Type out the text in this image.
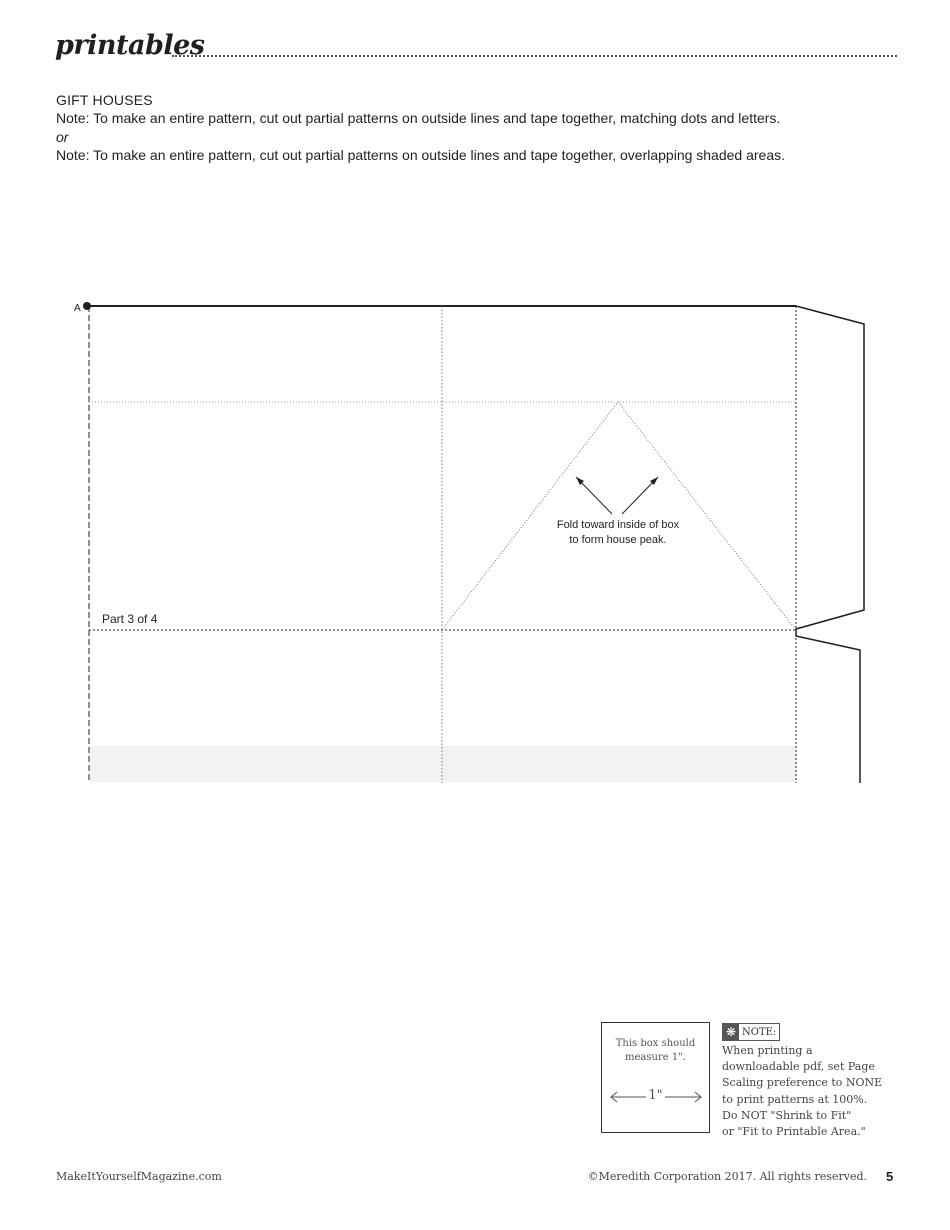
printables
GIFT HOUSES
Note: To make an entire pattern, cut out partial patterns on outside lines and tape together, matching dots and letters.
or
Note: To make an entire pattern, cut out partial patterns on outside lines and tape together, overlapping shaded areas.
A
Fold toward inside of box
to form house peak.
Part 3 of 4
This box should
measure 1".
1"
❋ NOTE:
When printing a
downloadable pdf, set Page
Scaling preference to NONE
to print patterns at 100%.
Do NOT "Shrink to Fit"
or "Fit to Printable Area."
MakeItYourselfMagazine.com	©Meredith Corporation 2017. All rights reserved. 5
